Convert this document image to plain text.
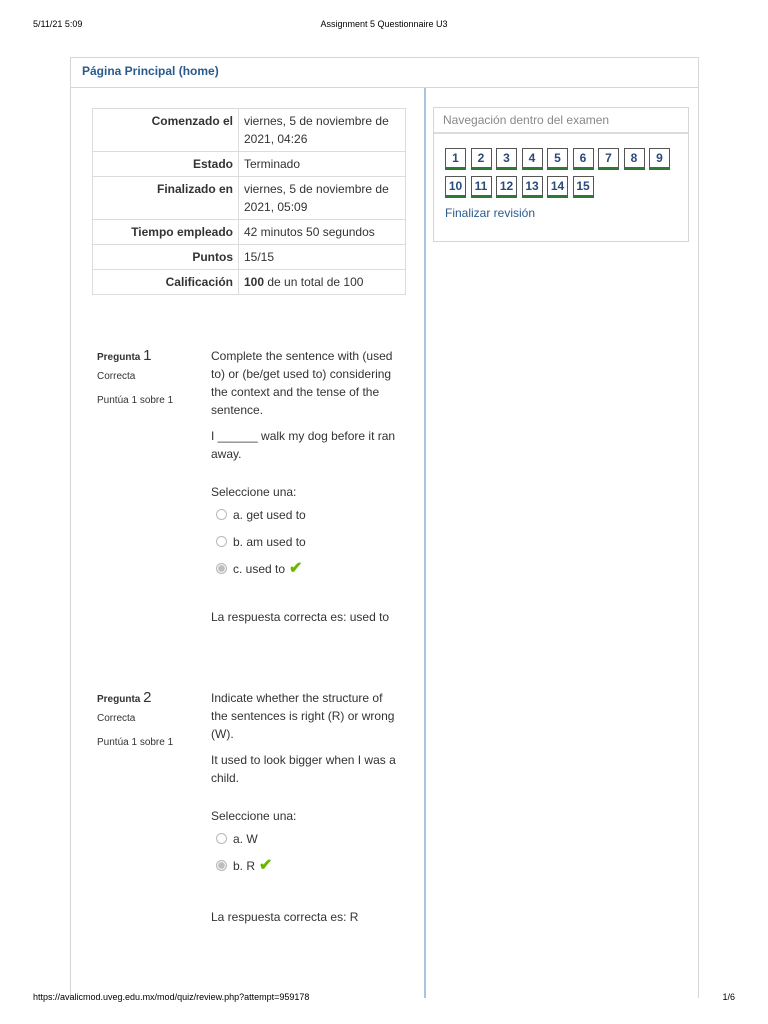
5/11/21 5:09	Assignment 5 Questionnaire U3
Página Principal (home)
Comenzado el	viernes, 5 de noviembre de 2021, 04:26
Estado	Terminado
Finalizado en	viernes, 5 de noviembre de 2021, 05:09
Tiempo empleado	42 minutos 50 segundos
Puntos	15/15
Calificación	100 de un total de 100
Pregunta 1
Correcta
Puntúa 1 sobre 1

Complete the sentence with (used to) or (be/get used to) considering the context and the tense of the sentence.

I ______ walk my dog before it ran away.

Seleccione una:

a. get used to
b. am used to
c. used to ✔

La respuesta correcta es: used to

Pregunta 2
Correcta
Puntúa 1 sobre 1

Indicate whether the structure of the sentences is right (R) or wrong (W).

It used to look bigger when I was a child.

Seleccione una:

a. W
b. R ✔

La respuesta correcta es: R

Navegación dentro del examen
1 2 3 4 5 6 7 8 9
10 11 12 13 14 15
Finalizar revisión
https://avalicmod.uveg.edu.mx/mod/quiz/review.php?attempt=959178	1/6
